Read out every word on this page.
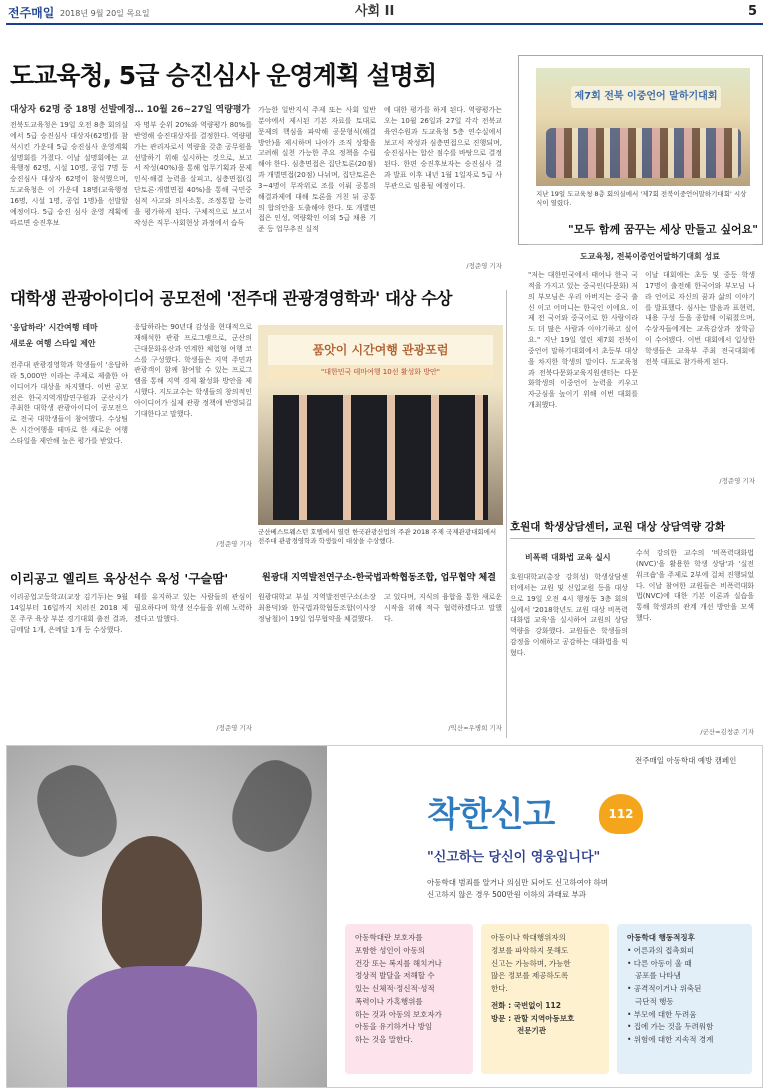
전주매일 2018년 9월 20일 목요일	사회 II	5
도교육청, 5급 승진심사 운영계획 설명회
대상자 62명 중 18명 선발예정… 10월 26~27일 역량평가
전북도교육청은 19일 오전 8층 회의실에서 5급 승진심사 대상자(62명)를 참석시킨 가운데 5급 승진심사 운영계획 설명회를 가졌다. 이날 설명회에는 교육행정 62명, 시설 10명, 공업 7명 등 승진심사 대상자 62명이 참석했으며, 도교육청은 이 가운데 18명(교육행정 16명, 시설 1명, 공업 1명)을 선발할 예정이다. 5급 승진 심사 운영 계획에 따르면 승진후보
자 명부 순위 20%와 역량평가 80%를 반영해 승진대상자를 결정한다. 역량평가는 관리자로서 역량을 갖춘 공무원을 선발하기 위해 실시하는 것으로, 보고서 작성(40%)을 통해 업무기획과 문제인식·해결 능력을 살피고, 심층면접(집단토론·개별면접 40%)을 통해 국민중심적 사고와 의사소통, 조정통합 능력을 평가하게 된다. 구체적으로 보고서 작성은 직무·사회현상 과정에서 습득
가능한 일반지식 주제 또는 사회 일반 분야에서 제시된 기본 자료를 토대로 문제의 핵심을 파악해 공문형식(해결 방안)을 제시하며 나아가 조직 상황을 고려해 실천 가능한 주요 정책을 수립해야 한다. 심층면접은 집단토론(20점)과 개별면접(20점) 나뉘며, 집단토론은 3~4명이 무작위로 조를 이뤄 공통의 해결과제에 대해 토론을 거친 뒤 공통의 합의안을 도출해야 한다. 또 개별면접은 인성, 역량확인 이외 5급 채용 기준 등 업무추진 실적
에 대한 평가를 하게 된다. 역량평가는 오는 10월 26일과 27일 각각 전북교육연수원과 도교육청 5층 연수실에서 보고서 작성과 심층면접으로 진행되며, 승진심사는 합산 점수를 바탕으로 결정된다. 한편 승진후보자는 승진심사 결과 발표 이후 내년 1월 1일자로 5급 사무관으로 임용될 예정이다.
/정준영 기자
제7회 전북 이중언어 말하기대회
지난 19일 도교육청 8층 회의실에서 '제7회 전북이중언어말하기대회' 시상식이 열렸다.
"모두 함께 꿈꾸는 세상 만들고 싶어요"
도교육청, 전북이중언어말하기대회 성료
"저는 대한민국에서 태어나 한국 국적을 가지고 있는 중국인(다문화) 저의 부모님은 우리 아버지는 중국 출신 이고 어머니는 한국인 이에요. 이제 전 국어와 중국어로 한 사람이라도 더 많은 사람과 이야기하고 싶어요." 지난 19일 열린 제7회 전북이중언어 말하기대회에서 초등부 대상을 차지한 학생의 말이다. 도교육청과 전북다문화교육지원센터는 다문화학생의 이중언어 능력을 키우고 자긍심을 높이기 위해 이번 대회를 개최했다.
이날 대회에는 초등 및 중등 학생 17명이 출전해 한국어와 부모님 나라 언어로 자신의 꿈과 삶의 이야기를 발표했다. 심사는 발음과 표현력, 내용 구성 등을 종합해 이뤄졌으며, 수상자들에게는 교육감상과 장학금이 수여됐다. 이번 대회에서 입상한 학생들은 교육부 주최 전국대회에 전북 대표로 참가하게 된다.
/정준영 기자
대학생 관광아이디어 공모전에 '전주대 관광경영학과' 대상 수상
'응답하라' 시간여행 테마
새로운 여행 스타일 제안
전주대 관광경영학과 학생들이 '응답하라 5,000만 이라는 주제로 제출한 아이디어가 대상을 차지했다. 이번 공모전은 한국지역개발연구원과 군산시가 주최한 대학생 관광아이디어 공모전으로 전국 대학생들이 참여했다. 수상팀은 시간여행을 테마로 한 새로운 여행 스타일을 제안해 높은 평가를 받았다.
응답하라는 90년대 감성을 현대적으로 재해석한 관광 프로그램으로, 군산의 근대문화유산과 연계한 체험형 여행 코스를 구성했다. 학생들은 지역 주민과 관광객이 함께 참여할 수 있는 프로그램을 통해 지역 경제 활성화 방안을 제시했다. 지도교수는 학생들의 창의적인 아이디어가 실제 관광 정책에 반영되길 기대한다고 말했다.
/정준영 기자
품앗이 시간여행 관광포럼
"대한민국 테마여행 10선 활성화 방안"
군산베스트웨스턴 호텔에서 열린 한국관광산업의 주관 2018 주제 국제관광대회에서 전주대 관광경영학과 학생들이 대상을 수상했다.
호원대 학생상담센터, 교원 대상 상담역량 강화
비폭력 대화법 교육 실시
호원대학교(총장 강희성) 학생상담센터에서는 교원 및 신입교원 등을 대상으로 19일 오전 4시 행정동 3층 회의실에서 '2018학년도 교원 대상 비폭력 대화법 교육'을 실시하여 교원의 상담역량을 강화했다. 교원들은 학생들의 감정을 이해하고 공감하는 대화법을 익혔다.
수석 강의한 교수의 '비폭력대화법(NVC)'을 활용한 학생 상담'과 '실전 워크숍'을 주제로 2부에 걸쳐 진행되었다. 이날 참여한 교원들은 비폭력대화법(NVC)에 대한 기본 이론과 실습을 통해 학생과의 관계 개선 방안을 모색했다.
/군산=김창준 기자
이리공고 엘리트 육상선수 육성 '구슬땀'
이리공업고등학교(교장 김기두)는 9월 14일부터 16일까지 치러진 2018 제몬 주쿠 육상 부분 경기대회 출전 결과, 금메달 1개, 은메달 1개 등 수상했다.
테를 유지하고 있는 사람들의 관심이 필요하다며 학생 선수들을 위해 노력하겠다고 말했다.
/정준영 기자
원광대 지역발전연구소-한국법과학협동조합, 업무협약 체결
원광대학교 부설 지역발전연구소(소장 최용덕)와 한국법과학협동조합(이사장 정남철)이 19일 업무협약을 체결했다.
고 있다며, 지식의 융합을 통한 새로운 시작을 위해 적극 협력하겠다고 말했다.
/익산=우병희 기자
전주매일 아동학대 예방 캠페인
착한신고	112
"신고하는 당신이 영웅입니다"
아동학대 범죄를 알거나 의심만 되어도 신고하여야 하며
신고하지 않은 경우 500만원 이하의 과태료 부과
아동학대란 보호자를
포함한 성인이 아동의
건강 또는 복지를 해치거나
정상적 발달을 저해할 수
있는 신체적·정신적·성적
폭력이나 가혹행위를
하는 것과 아동의 보호자가
아동을 유기하거나 방임
하는 것을 말한다.
아동이나 학대행위자의
정보를 파악하지 못해도
신고는 가능하며, 가능한
많은 정보를 제공하도록
한다.
전화 : 국번없이 112
방문 : 관할 지역아동보호
전문기관
아동학대 행동적징후
• 어른과의 접촉회피
• 다른 아동이 울 때
공포를 나타냄
• 공격적이거나 위축된
극단적 행동
• 부모에 대한 두려움
• 집에 가는 것을 두려워함
• 위험에 대한 지속적 경계
